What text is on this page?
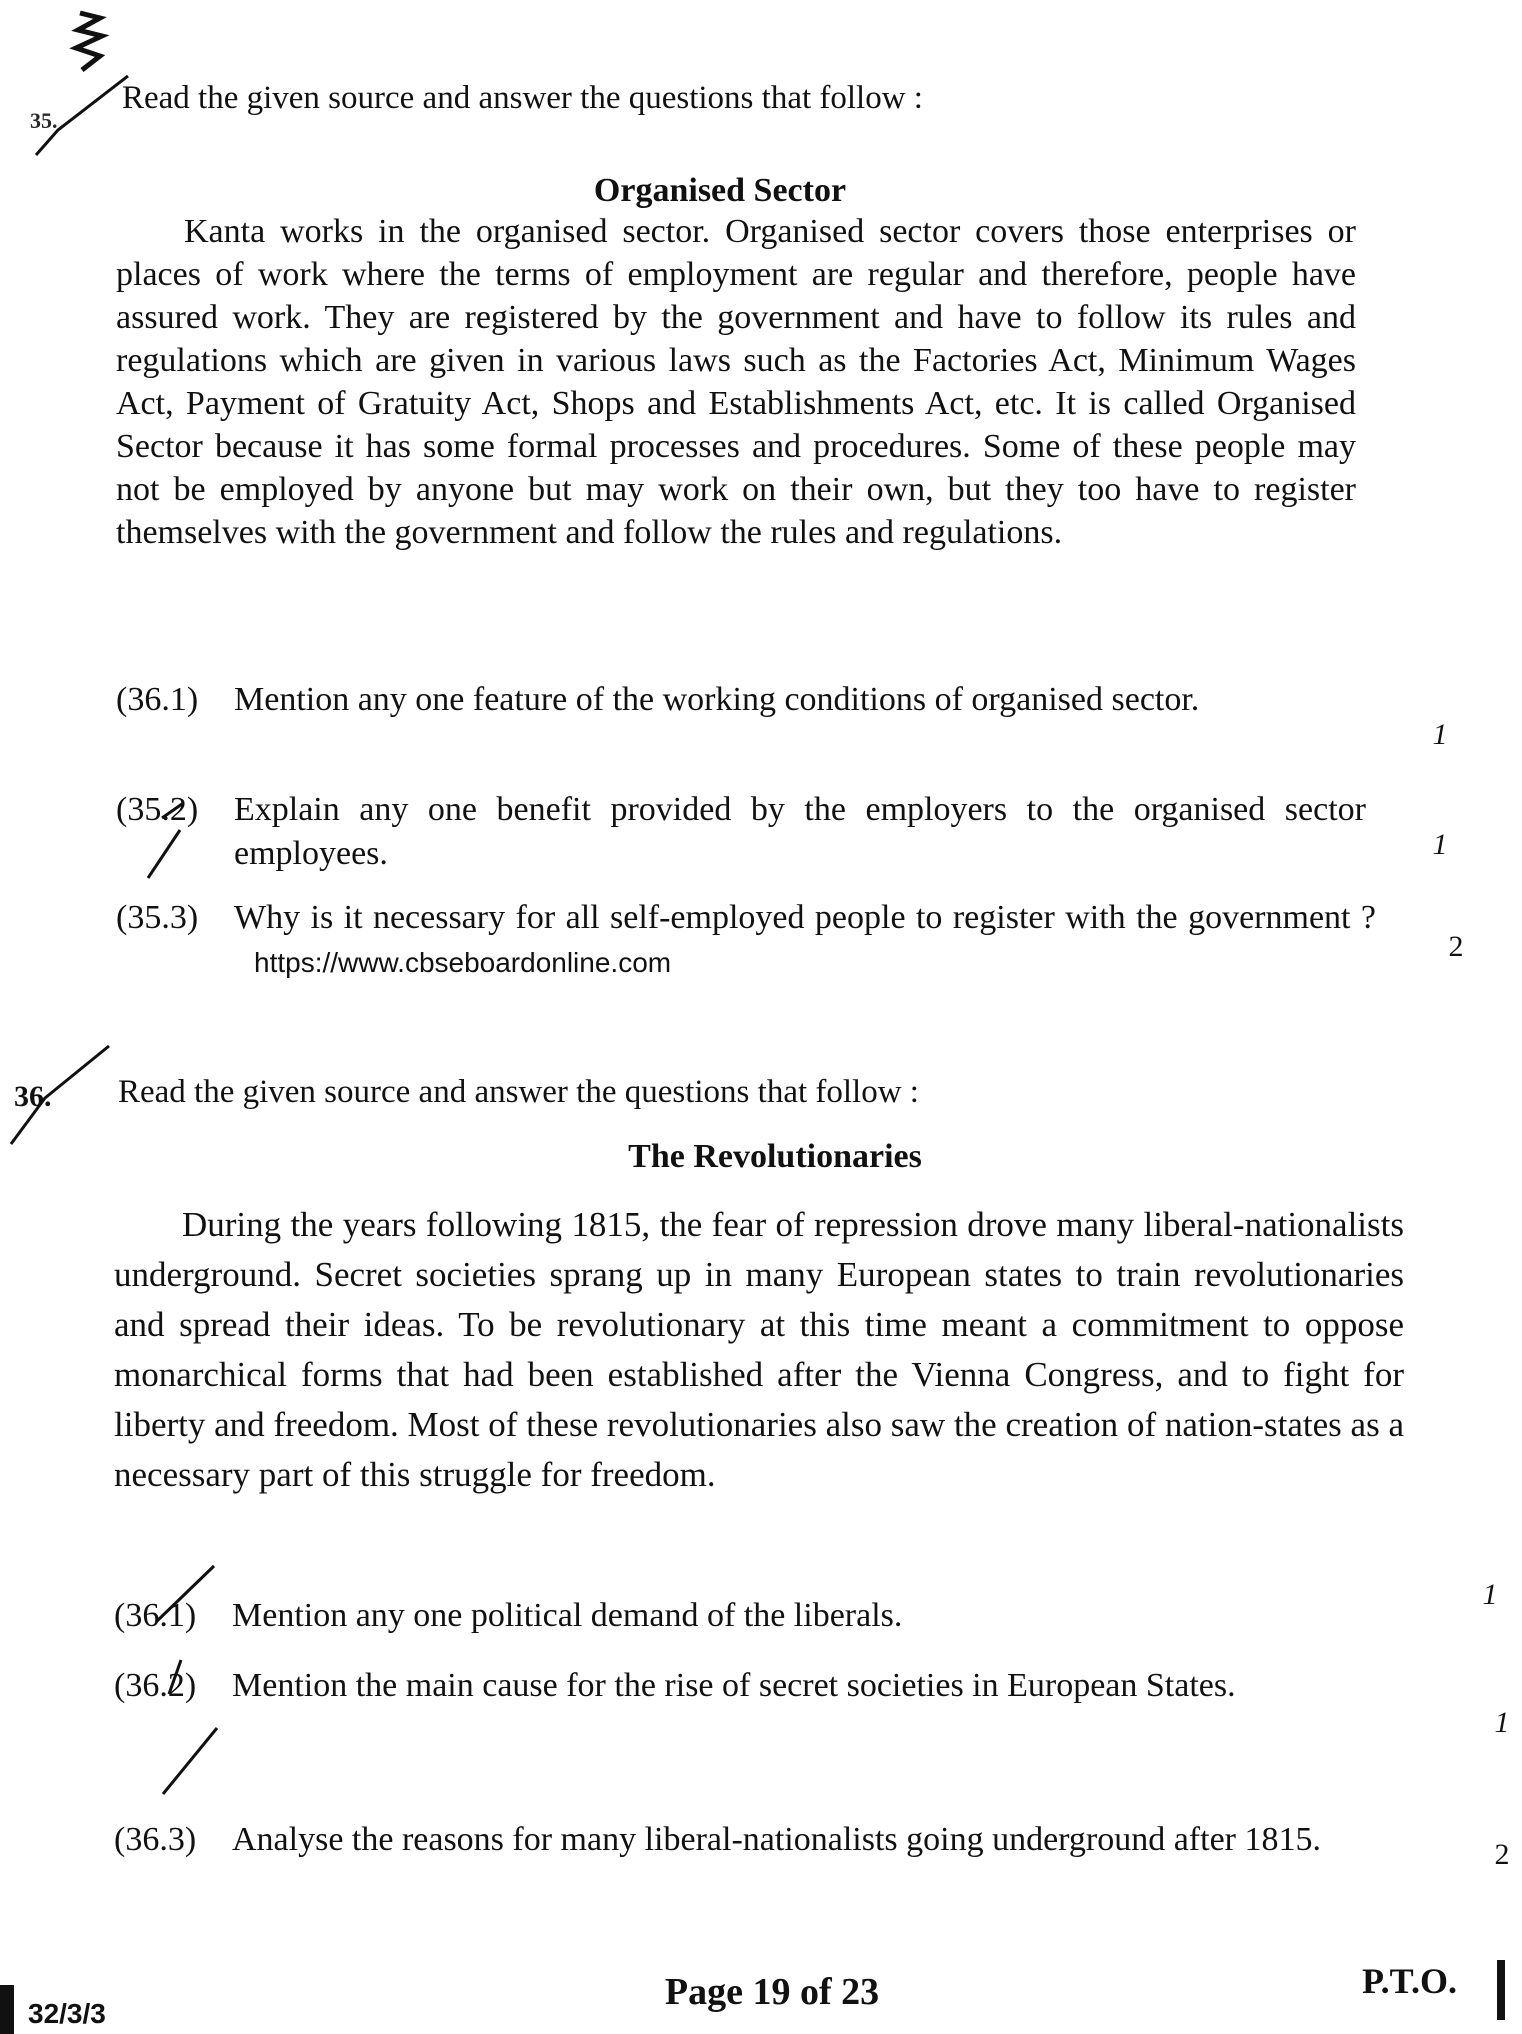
35.
Read the given source and answer the questions that follow :
Organised Sector
Kanta works in the organised sector. Organised sector covers those enterprises or places of work where the terms of employment are regular and therefore, people have assured work. They are registered by the government and have to follow its rules and regulations which are given in various laws such as the Factories Act, Minimum Wages Act, Payment of Gratuity Act, Shops and Establishments Act, etc. It is called Organised Sector because it has some formal processes and procedures. Some of these people may not be employed by anyone but may work on their own, but they too have to register themselves with the government and follow the rules and regulations.
(36.1)	Mention any one feature of the working conditions of organised sector.
1
(35.2)	Explain any one benefit provided by the employers to the organised sector employees.	1
(35.3)	Why is it necessary for all self-employed people to register with the government ?https://www.cbseboardonline.com	2
36. Read the given source and answer the questions that follow :
The Revolutionaries
During the years following 1815, the fear of repression drove many liberal-nationalists underground. Secret societies sprang up in many European states to train revolutionaries and spread their ideas. To be revolutionary at this time meant a commitment to oppose monarchical forms that had been established after the Vienna Congress, and to fight for liberty and freedom. Most of these revolutionaries also saw the creation of nation-states as a necessary part of this struggle for freedom.
(36.1)	Mention any one political demand of the liberals.
1
(36.2)	Mention the main cause for the rise of secret societies in European States.
1
(36.3)	Analyse the reasons for many liberal-nationalists going underground after 1815.	2
32/3/3
Page 19 of 23	P.T.O.
